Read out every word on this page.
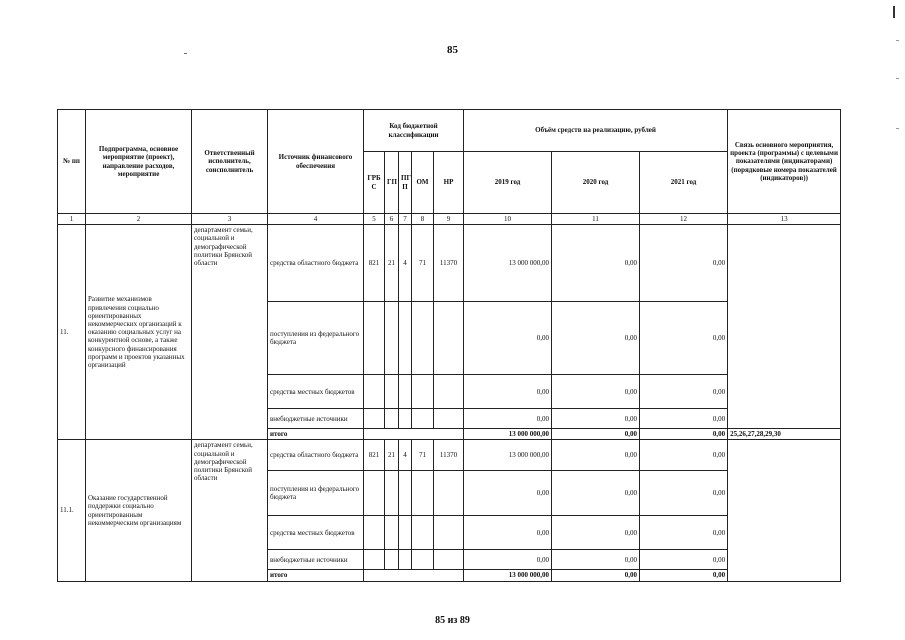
85
№ пп	Подпрограмма, основное мероприятие (проект), направление расходов, мероприятие	Ответственный исполнитель, соисполнитель	Источник финансового обеспечения	Код бюджетной классификации					Объём средств на реализацию, рублей			Связь основного мероприятия, проекта (программы) с целевыми показателями (индикаторами) (порядковые номера показателей (индикаторов))
				ГРБ С	ГП	ПГ П	ОМ	НР	2019 год	2020 год	2021 год	
1	2	3	4	5	6	7	8	9	10	11	12	13
11.	Развитие механизмов привлечения социально ориентированных некоммерческих организаций к оказанию социальных услуг на конкурентной основе, а также конкурсного финансирования программ и проектов указанных организаций	департамент семьи, социальной и демографической политики Брянской области	средства областного бюджета	821	21	4	71	11370	13 000 000,00	0,00	0,00	
			поступления из федерального бюджета						0,00	0,00	0,00	
			средства местных бюджетов						0,00	0,00	0,00	
			внебюджетные источники						0,00	0,00	0,00	
			итого						13 000 000,00	0,00	0,00	25,26,27,28,29,30
11.1.	Оказание государственной поддержки социально ориентированным некоммерческим организациям	департамент семьи, социальной и демографической политики Брянской области	средства областного бюджета	821	21	4	71	11370	13 000 000,00	0,00	0,00	
			поступления из федерального бюджета						0,00	0,00	0,00	
			средства местных бюджетов						0,00	0,00	0,00	
			внебюджетные источники						0,00	0,00	0,00	
			итого						13 000 000,00	0,00	0,00	
85 из 89
